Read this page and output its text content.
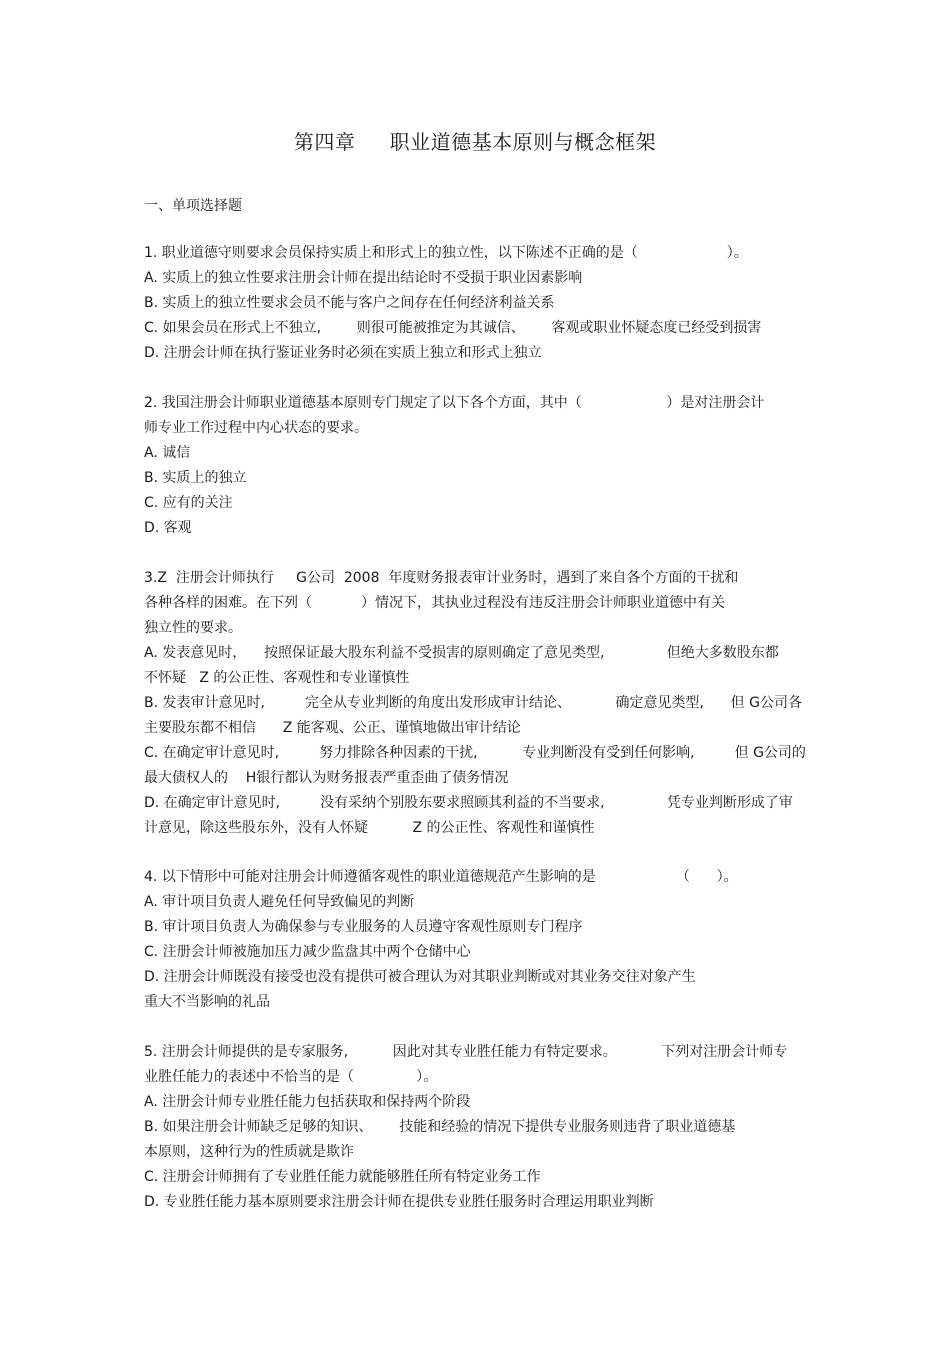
第四章     职业道德基本原则与概念框架
一、单项选择题
1. 职业道德守则要求会员保持实质上和形式上的独立性，以下陈述不正确的是（                    ）。
A. 实质上的独立性要求注册会计师在提出结论时不受损于职业因素影响
B. 实质上的独立性要求会员不能与客户之间存在任何经济利益关系
C. 如果会员在形式上不独立,        则很可能被推定为其诚信、      客观或职业怀疑态度已经受到损害
D. 注册会计师在执行鉴证业务时必须在实质上独立和形式上独立
2. 我国注册会计师职业道德基本原则专门规定了以下各个方面，其中（                   ）是对注册会计
师专业工作过程中内心状态的要求。
A. 诚信
B. 实质上的独立
C. 应有的关注
D. 客观
3.Z  注册会计师执行     G公司  2008  年度财务报表审计业务时，遇到了来自各个方面的干扰和
各种各样的困难。在下列（           ）情况下，其执业过程没有违反注册会计师职业道德中有关
独立性的要求。
A. 发表意见时，    按照保证最大股东利益不受损害的原则确定了意见类型,              但绝大多数股东都
不怀疑   Z 的公正性、客观性和专业谨慎性
B. 发表审计意见时,         完全从专业判断的角度出发形成审计结论、          确定意见类型,      但 G公司各
主要股东都不相信      Z 能客观、公正、谨慎地做出审计结论
C. 在确定审计意见时,         努力排除各种因素的干扰,          专业判断没有受到任何影响,         但 G公司的
最大债权人的    H银行都认为财务报表严重歪曲了债务情况
D. 在确定审计意见时,         没有采纳个别股东要求照顾其利益的不当要求,              凭专业判断形成了审
计意见，除这些股东外，没有人怀疑          Z 的公正性、客观性和谨慎性
4. 以下情形中可能对注册会计师遵循客观性的职业道德规范产生影响的是                  （      ）。
A. 审计项目负责人避免任何导致偏见的判断
B. 审计项目负责人为确保参与专业服务的人员遵守客观性原则专门程序
C. 注册会计师被施加压力减少监盘其中两个仓储中心
D. 注册会计师既没有接受也没有提供可被合理认为对其职业判断或对其业务交往对象产生
重大不当影响的礼品
5. 注册会计师提供的是专家服务,          因此对其专业胜任能力有特定要求。          下列对注册会计师专
业胜任能力的表述中不恰当的是（              ）。
A. 注册会计师专业胜任能力包括获取和保持两个阶段
B. 如果注册会计师缺乏足够的知识、      技能和经验的情况下提供专业服务则违背了职业道德基
本原则，这种行为的性质就是欺诈
C. 注册会计师拥有了专业胜任能力就能够胜任所有特定业务工作
D. 专业胜任能力基本原则要求注册会计师在提供专业胜任服务时合理运用职业判断
